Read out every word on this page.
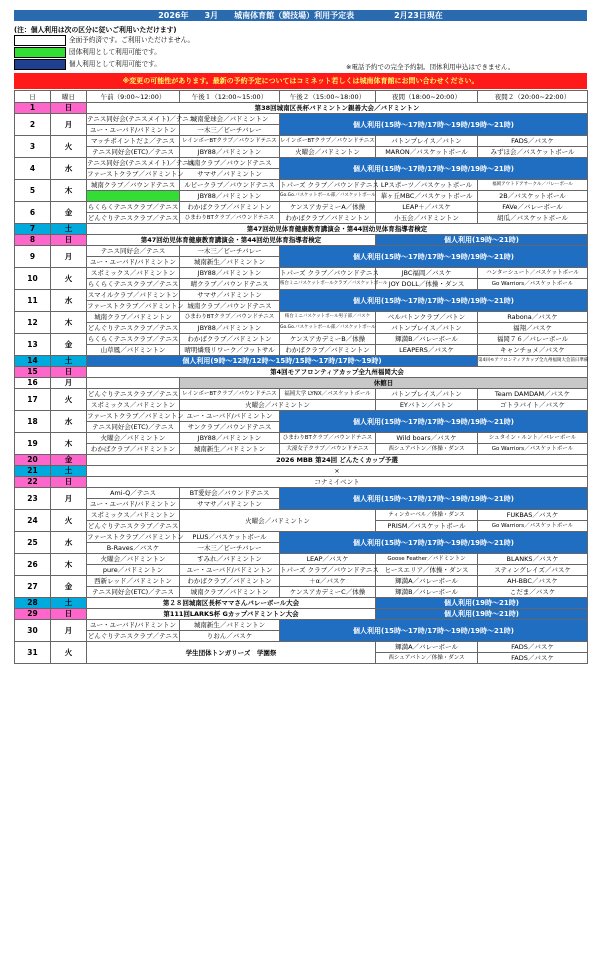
2026年　　3月　　城南体育館（競技場）利用予定表　　　　　2月23日現在
(注：個人利用は次の区分に従いご利用いただけます)
全面予約済です。ご利用いただけません。
団体利用として利用可能です。
個人利用として利用可能です。	※電話予約での完全予約制。団体利用申込はできません。
※変更の可能性があります。最新の予約予定についてはコミネット若しくは城南体育館にお問い合わせください。
日	曜日	午前（9:00~12:00）	午後１（12:00~15:00）	午後２（15:00~18:00）	夜間（18:00~20:00）	夜間２（20:00~22:00）
1	日	第38回城南区長杯バドミントン親善大会／バドミントン				

2	月	テニス同好会(テニスメイト)／テニス	城南愛球会／バドミントン	個人利用(15時〜17時/17時〜19時/19時〜21時)		
		ユー・ユーバド/バドミントン	一木三／ビーチバレー			
3	火	マッチポイントだよ／テニス	レインボーBTクラブ／バウンドテニス	レインボーBTクラブ／バウンドテニス	バトンプレイス／バトン	FADS／バスケ
		テニス同好会(ETC)／テニス	JBY88／バドミントン	火曜会／バドミントン	MARON／バスケットボール	みずほ会／バスケットボール
4	水	テニス同好会(テニスメイト)／テニス	城南クラブ／バウンドテニス	個人利用(15時〜17時/17時〜19時/19時〜21時)		
		ファーストクラブ／バドミントン	サマサ／バドミントン			
5	木	城南クラブ／バウンドテニス	ルピークラブ／バウンドテニス	トパーズ クラブ／バウンドテニス	LPスポーツ／バスケットボール	福岡アウトドアサークル／バレーボール
			JBY88／バドミントン	Go.Go.バスケットボール部／バスケットボール	華ヶ丘MBC／バスケットボール	2B／バスケットボール
6	金	らくらくテニスクラブ／テニス	わかばクラブ／バドミントン	ケンスアカデミーA／体操	LEAP＋／バスケ	FAVe／バレーボール
		どんぐりテニスクラブ／テニス	ひまわりBTクラブ／バウンドテニス	わかばクラブ／バドミントン	小玉会／バドミントン	胡瓜／バスケットボール
7	土	第47回幼児体育健康教育講演会・第44回幼児体育指導者検定				

8	日	第47回幼児体育健康教育講演会・第44回幼児体育指導者検定			個人利用(19時〜21時)	

9	月	テニス同好会／テニス	一木三／ビーチバレー	個人利用(15時〜17時/17時〜19時/19時〜21時)		
		ユー・ユーバド/バドミントン	城南新生／バドミントン			
10	火	スポミックス／バドミントン	JBY88／バドミントン	トパーズ クラブ／バウンドテニス	JBC福岡／バスケ	ハンターシュート／バスケットボール
		らくらくテニスクラブ／テニス	晴クラブ／バウンドテニス	桜台ミニバスケットボールクラブ／バスケットボール	JOY DOLL／体操・ダンス	Go Warriors／バスケットボール
11	水	スマイルクラブ／バドミントン	サマサ／バドミントン	個人利用(15時〜17時/17時〜19時/19時〜21時)		
		ファーストクラブ／バドミントン	城南クラブ／バウンドテニス			
12	木	城南クラブ／バドミントン	ひまわりBTクラブ／バウンドテニス	桜台ミニバスケットボール男子部／バスケ	ベルバトンクラブ／バトン	Rabona／バスケ
		どんぐりテニスクラブ／テニス	JBY88／バドミントン	Go.Go.バスケットボール部／バスケットボール	バトンプレイス／バトン	福翔／バスケ
13	金	らくらくテニスクラブ／テニス	わかばクラブ／バドミントン	ケンスアカデミーB／体操	輝満B／バレーボール	福岡７６／バレーボール
		山草鳳／バドミントン	晴明燐飛リワーク／フットサル	わかばクラブ／バドミントン	LEAPERS／バスケ	キャンチョメ／バスケ
14	土	個人利用(9時〜12時/12時〜15時/15時〜17時/17時〜19時)				第4回モアフロンティアカップ全九州福岡大会前日準備

15	日	第4回モアフロンティアカップ全九州福岡大会				

16	月		休館日			

17	火	どんぐりテニスクラブ／テニス	レインボーBTクラブ／バウンドテニス	福岡大学 LYNX／バスケットボール	バトンプレイス／バトン	Team DAMDAM／バスケ
		スポミックス／バドミントン	火曜会／バドミントン		EYバトン／バトン	ゴトラバイト／バスケ
18	水	ファーストクラブ／バドミントン	ユー・ユーバド/バドミントン	個人利用(15時〜17時/17時〜19時/19時〜21時)		
		テニス同好会(ETC)／テニス	サンクラブ／バウンドテニス			
19	木	火曜会／バドミントン	JBY88／バドミントン	ひまわりBTクラブ／バウンドテニス	Wild boars／バスケ	シュタイン・ルント／バレーボール
		わかばクラブ／バドミントン	城南新生／バドミントン	大濠女子クラブ／バウンドテニス	西シュアバトン／体操・ダンス	Go Warriors／バスケットボール
20	金	2026 MBB 第24回 どんたくカップ予選				

21	土	×				

22	日	コナミイベント				

23	月	Ami-Q／テニス	BT愛好会／バウンドテニス	個人利用(15時〜17時/17時〜19時/19時〜21時)		
		ユー・ユーバド/バドミントン	サマサ／バドミントン			
24	火	スポミックス／バドミントン	火曜会／バドミントン		ティンカーベル／体操・ダンス	FUKBAS／バスケ
		どんぐりテニスクラブ／テニス			PRISM／バスケットボール	Go Warriors／バスケットボール
25	水	ファーストクラブ／バドミントン	PLUS／バスケットボール	個人利用(15時〜17時/17時〜19時/19時〜21時)		
		B-Raves／バスケ	一木三／ビーチバレー			
26	木	火曜会／バドミントン	すみれ／バドミントン	LEAP／バスケ	Goose Feather／バドミントン	BLANKS／バスケ
		pure／バドミントン	ユー・ユーバド/バドミントン	トパーズ クラブ／バウンドテニス	ヒースエリア／体操・ダンス	スティングレイズ／バスケ
27	金	西新レッド／バドミントン	わかばクラブ／バドミントン	＋α／バスケ	輝満A／バレーボール	AH-BBC／バスケ
		テニス同好会(ETC)／テニス	城南クラブ／バドミントン	ケンスアカデミーC／体操	輝満B／バレーボール	こだま／バスケ
28	土	第２８回城南区長杯ママさんバレーボール大会			個人利用(19時〜21時)	

29	日	第111回LARKS杯 Gカップバドミントン大会			個人利用(19時〜21時)	

30	月	ユー・ユーバド/バドミントン	城南新生／バドミントン	個人利用(15時〜17時/17時〜19時/19時〜21時)		
		どんぐりテニスクラブ／テニス	りおん／バスケ			
31	火	学生団体トンガリーズ　学園祭			輝満A／バレーボール	FADS／バスケ
					西シュアバトン／体操・ダンス	FADS／バスケ
